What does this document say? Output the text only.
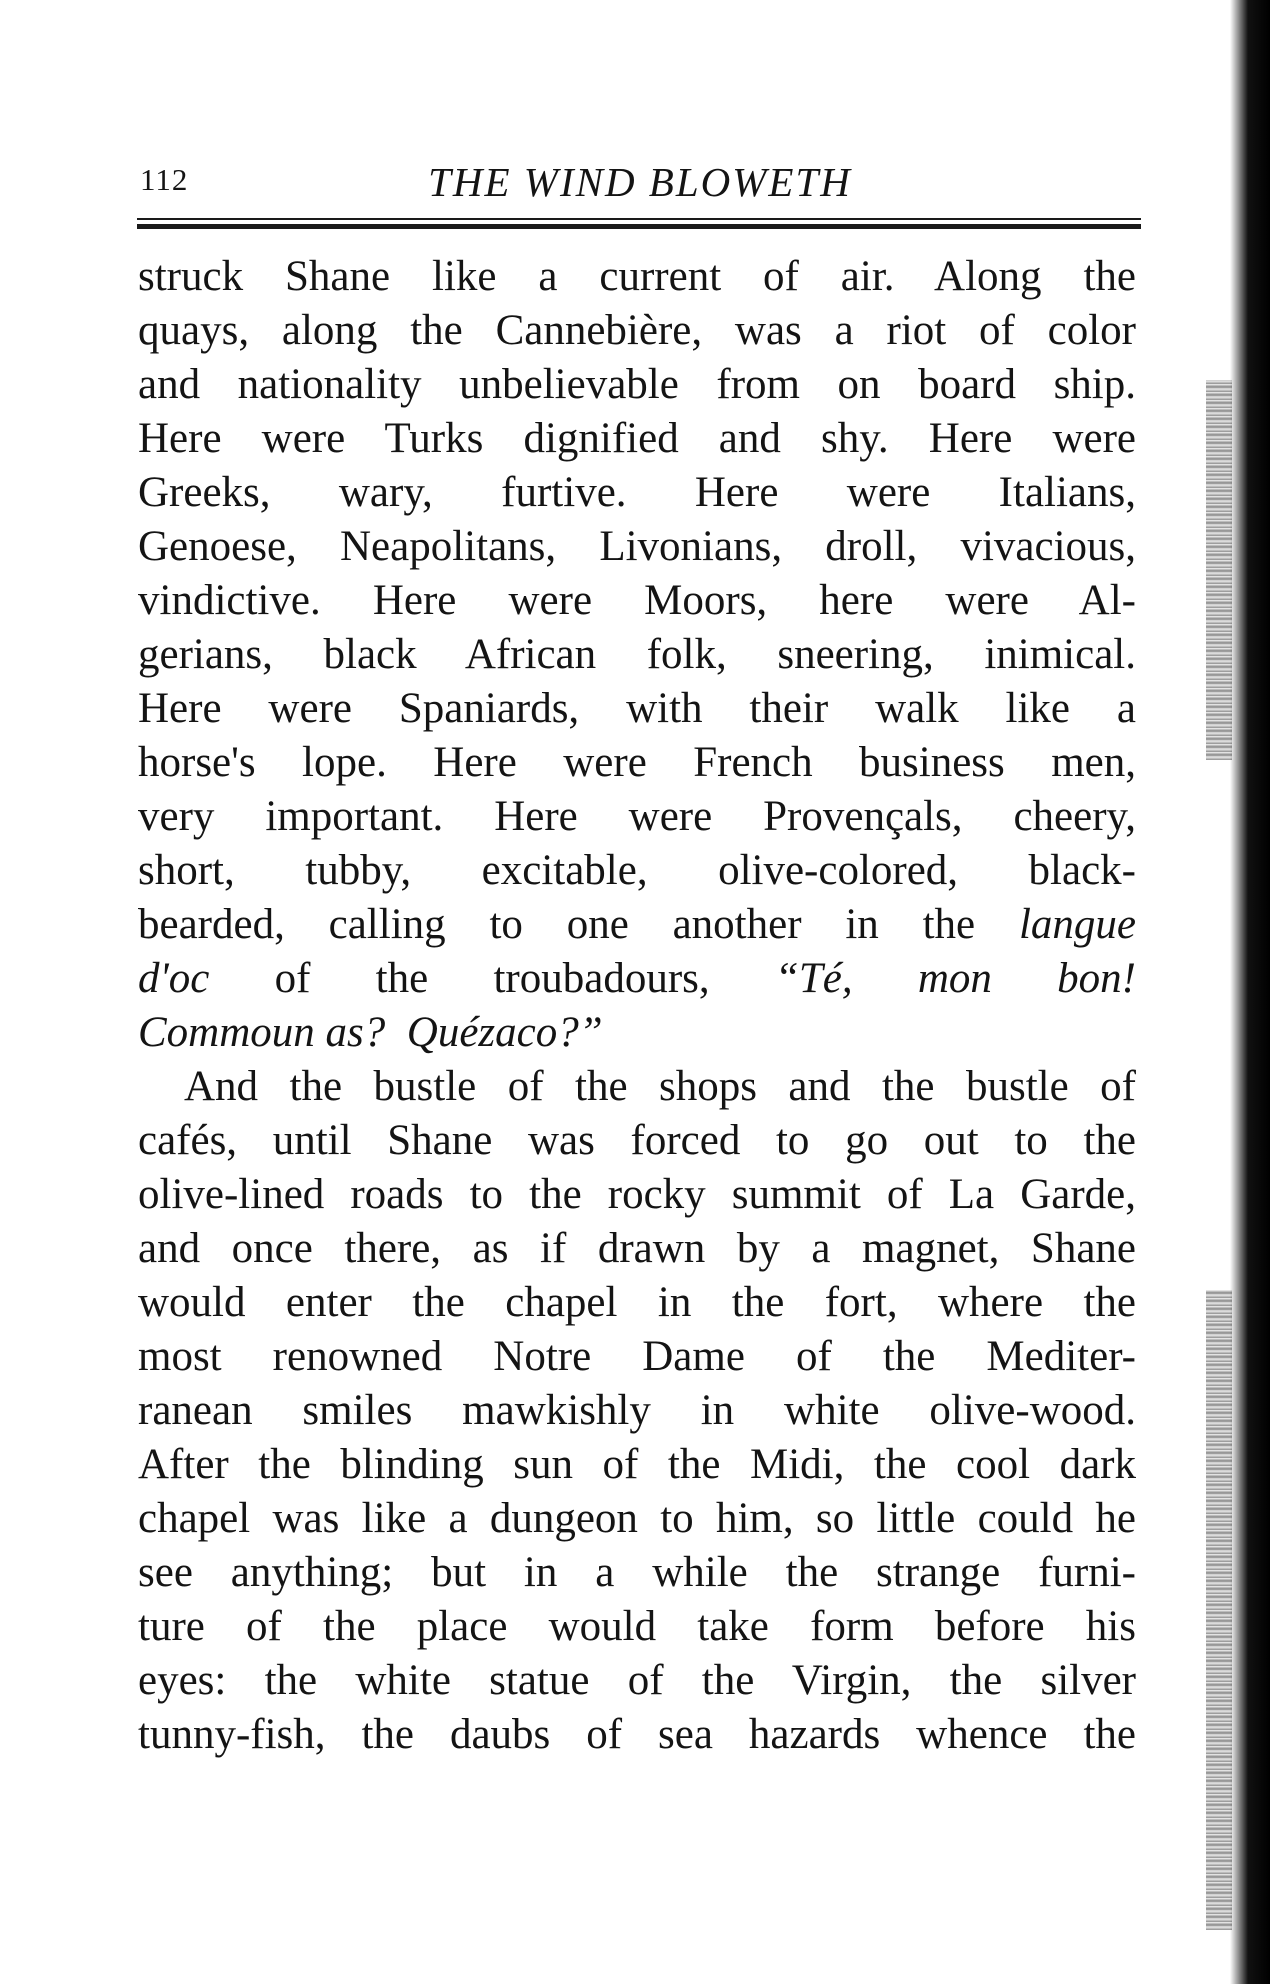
112	THE WIND BLOWETH
struck Shane like a current of air. Along the
quays, along the Cannebière, was a riot of color
and nationality unbelievable from on board ship.
Here were Turks dignified and shy. Here were
Greeks, wary, furtive. Here were Italians,
Genoese, Neapolitans, Livonians, droll, vivacious,
vindictive. Here were Moors, here were Al-
gerians, black African folk, sneering, inimical.
Here were Spaniards, with their walk like a
horse's lope. Here were French business men,
very important. Here were Provençals, cheery,
short, tubby, excitable, olive-colored, black-
bearded, calling to one another in the langue
d'oc of the troubadours, “Té, mon bon!
Commoun as? Quézaco?”
And the bustle of the shops and the bustle of
cafés, until Shane was forced to go out to the
olive-lined roads to the rocky summit of La Garde,
and once there, as if drawn by a magnet, Shane
would enter the chapel in the fort, where the
most renowned Notre Dame of the Mediter-
ranean smiles mawkishly in white olive-wood.
After the blinding sun of the Midi, the cool dark
chapel was like a dungeon to him, so little could he
see anything; but in a while the strange furni-
ture of the place would take form before his
eyes: the white statue of the Virgin, the silver
tunny-fish, the daubs of sea hazards whence the
